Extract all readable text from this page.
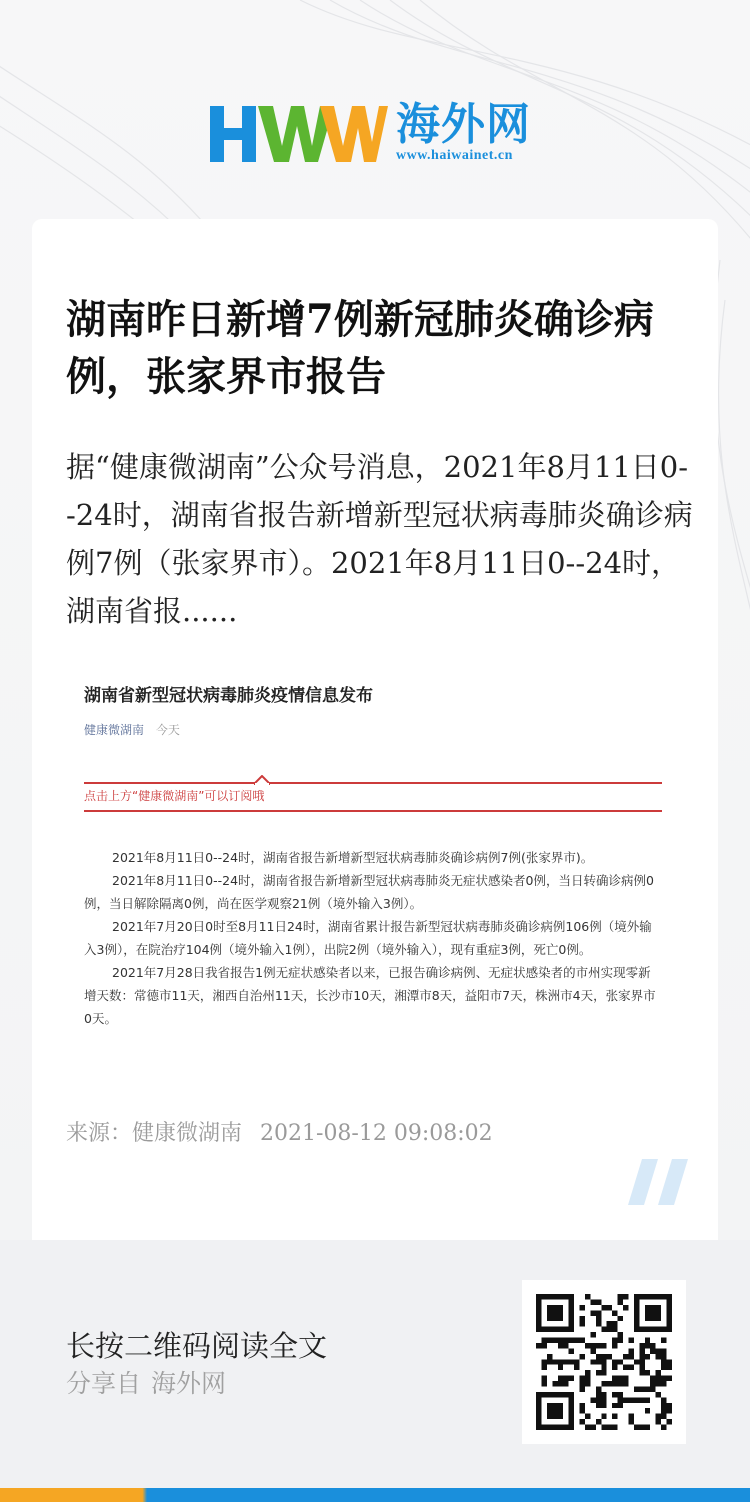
海外网
www.haiwainet.cn
湖南昨日新增7例新冠肺炎确诊病例，张家界市报告

据“健康微湖南”公众号消息，2021年8月11日0--24时，湖南省报告新增新型冠状病毒肺炎确诊病例7例（张家界市）。2021年8月11日0--24时，湖南省报......

湖南省新型冠状病毒肺炎疫情信息发布
健康微湖南 今天
点击上方“健康微湖南”可以订阅哦

2021年8月11日0--24时，湖南省报告新增新型冠状病毒肺炎确诊病例7例(张家界市)。

2021年8月11日0--24时，湖南省报告新增新型冠状病毒肺炎无症状感染者0例，当日转确诊病例0例，当日解除隔离0例，尚在医学观察21例（境外输入3例）。

2021年7月20日0时至8月11日24时，湖南省累计报告新型冠状病毒肺炎确诊病例106例（境外输入3例），在院治疗104例（境外输入1例），出院2例（境外输入），现有重症3例，死亡0例。

2021年7月28日我省报告1例无症状感染者以来，已报告确诊病例、无症状感染者的市州实现零新增天数：常德市11天，湘西自治州11天，长沙市10天，湘潭市8天，益阳市7天，株洲市4天，张家界市0天。

来源：健康微湖南 2021-08-12 09:08:02
长按二维码阅读全文
分享自 海外网
